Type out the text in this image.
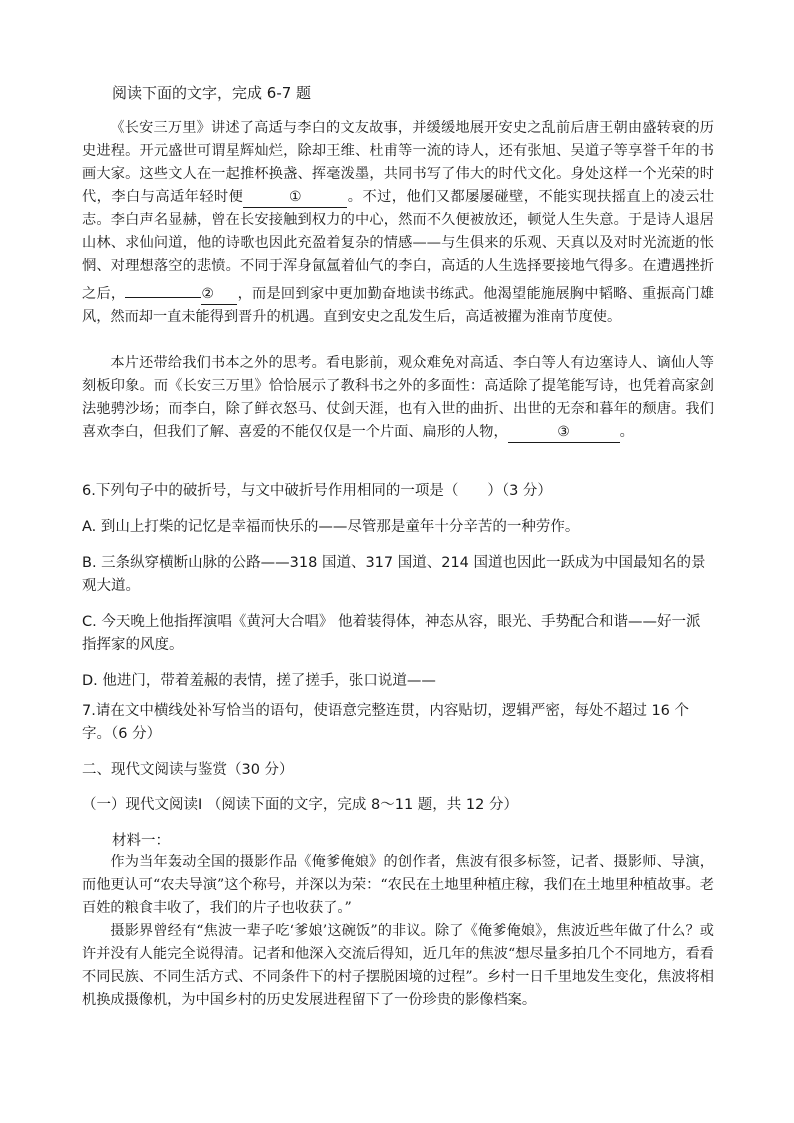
阅读下面的文字，完成 6-7 题

《长安三万里》讲述了高适与李白的文友故事，并缓缓地展开安史之乱前后唐王朝由盛转衰的历史进程。开元盛世可谓星辉灿烂，除却王维、杜甫等一流的诗人，还有张旭、吴道子等享誉千年的书画大家。这些文人在一起推杯换盏、挥毫泼墨，共同书写了伟大的时代文化。身处这样一个光荣的时代，李白与高适年轻时便	①	。不过，他们又都屡屡碰壁，不能实现扶摇直上的凌云壮志。李白声名显赫，曾在长安接触到权力的中心，然而不久便被放还，顿觉人生失意。于是诗人退居山林、求仙问道，他的诗歌也因此充盈着复杂的情感——与生俱来的乐观、天真以及对时光流逝的怅惘、对理想落空的悲愤。不同于浑身氤氲着仙气的李白，高适的人生选择要接地气得多。在遭遇挫折之后，	② ，而是回到家中更加勤奋地读书练武。他渴望能施展胸中韬略、重振高门雄风，然而却一直未能得到晋升的机遇。直到安史之乱发生后，高适被擢为淮南节度使。

本片还带给我们书本之外的思考。看电影前，观众难免对高适、李白等人有边塞诗人、谪仙人等刻板印象。而《长安三万里》恰恰展示了教科书之外的多面性：高适除了提笔能写诗，也凭着高家剑法驰骋沙场；而李白，除了鲜衣怒马、仗剑天涯，也有入世的曲折、出世的无奈和暮年的颓唐。我们喜欢李白，但我们了解、喜爱的不能仅仅是一个片面、扁形的人物，	③	。

6.下列句子中的破折号，与文中破折号作用相同的一项是（　　）（3 分）

A. 到山上打柴的记忆是幸福而快乐的——尽管那是童年十分辛苦的一种劳作。

B. 三条纵穿横断山脉的公路——318 国道、317 国道、214 国道也因此一跃成为中国最知名的景观大道。

C. 今天晚上他指挥演唱《黄河大合唱》 他着装得体，神态从容，眼光、手势配合和谐——好一派指挥家的风度。

D. 他进门，带着羞赧的表情，搓了搓手，张口说道——

7.请在文中横线处补写恰当的语句，使语意完整连贯，内容贴切，逻辑严密，每处不超过 16 个字。（6 分）

二、现代文阅读与鉴赏（30 分）

（一）现代文阅读Ⅰ （阅读下面的文字，完成 8～11 题，共 12 分）

材料一：

作为当年轰动全国的摄影作品《俺爹俺娘》的创作者，焦波有很多标签，记者、摄影师、导演，而他更认可“农夫导演”这个称号，并深以为荣：“农民在土地里种植庄稼，我们在土地里种植故事。老百姓的粮食丰收了，我们的片子也收获了。”

摄影界曾经有“焦波一辈子吃‘爹娘’这碗饭”的非议。除了《俺爹俺娘》，焦波近些年做了什么？或许并没有人能完全说得清。记者和他深入交流后得知，近几年的焦波“想尽量多拍几个不同地方，看看不同民族、不同生活方式、不同条件下的村子摆脱困境的过程”。乡村一日千里地发生变化，焦波将相机换成摄像机，为中国乡村的历史发展进程留下了一份珍贵的影像档案。
